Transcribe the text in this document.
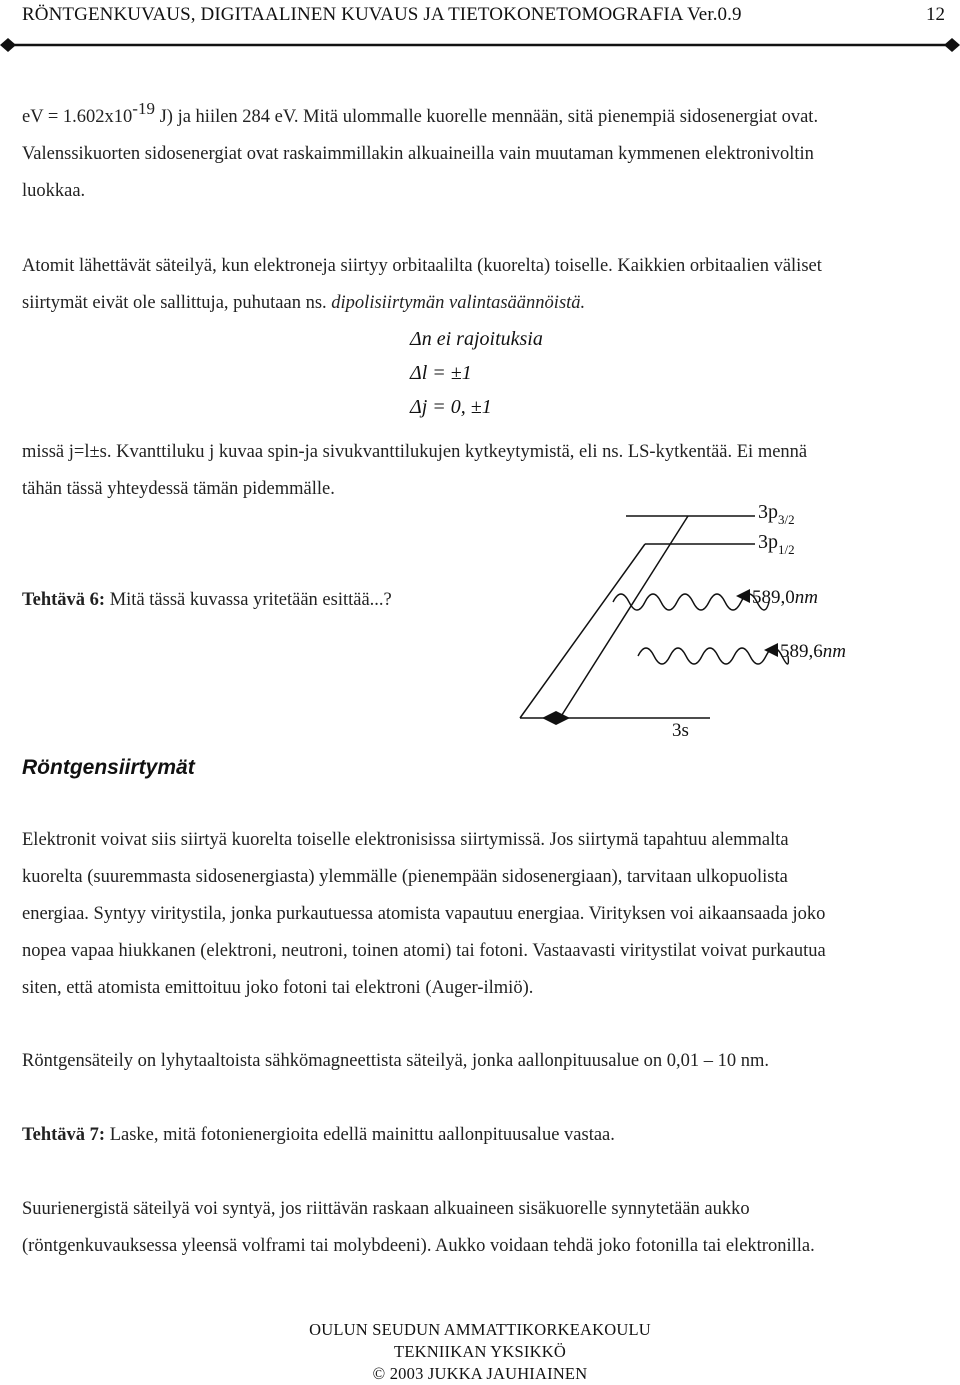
RÖNTGENKUVAUS, DIGITAALINEN KUVAUS JA TIETOKONETOMOGRAFIA Ver.0.9	12

eV = 1.602x10-19 J) ja hiilen 284 eV. Mitä ulommalle kuorelle mennään, sitä pienempiä sidosenergiat ovat.

Valenssikuorten sidosenergiat ovat raskaimmillakin alkuaineilla vain muutaman kymmenen elektronivoltin

luokkaa.

Atomit lähettävät säteilyä, kun elektroneja siirtyy orbitaalilta (kuorelta) toiselle. Kaikkien orbitaalien väliset

siirtymät eivät ole sallittuja, puhutaan ns. dipolisiirtymän valintasäännöistä.

Δn ei rajoituksia
Δl = ±1
Δj = 0, ±1

missä j=l±s. Kvanttiluku j kuvaa spin-ja sivukvanttilukujen kytkeytymistä, eli ns. LS-kytkentää. Ei mennä

tähän tässä yhteydessä tämän pidemmälle.

Tehtävä 6: Mitä tässä kuvassa yritetään esittää...?

$3p_{3/2}$
$3p_{1/2}$
3s
589,0nm
589,6nm
Röntgensiirtymät

Elektronit voivat siis siirtyä kuorelta toiselle elektronisissa siirtymissä. Jos siirtymä tapahtuu alemmalta

kuorelta (suuremmasta sidosenergiasta) ylemmälle (pienempään sidosenergiaan), tarvitaan ulkopuolista

energiaa. Syntyy viritystila, jonka purkautuessa atomista vapautuu energiaa. Virityksen voi aikaansaada joko

nopea vapaa hiukkanen (elektroni, neutroni, toinen atomi) tai fotoni. Vastaavasti viritystilat voivat purkautua

siten, että atomista emittoituu joko fotoni tai elektroni (Auger-ilmiö).

Röntgensäteily on lyhytaaltoista sähkömagneettista säteilyä, jonka aallonpituusalue on 0,01 – 10 nm.

Tehtävä 7: Laske, mitä fotonienergioita edellä mainittu aallonpituusalue vastaa.

Suurienergistä säteilyä voi syntyä, jos riittävän raskaan alkuaineen sisäkuorelle synnytetään aukko

(röntgenkuvauksessa yleensä volframi tai molybdeeni). Aukko voidaan tehdä joko fotonilla tai elektronilla.

OULUN SEUDUN AMMATTIKORKEAKOULU
TEKNIIKAN YKSIKKÖ
© 2003 JUKKA JAUHIAINEN
